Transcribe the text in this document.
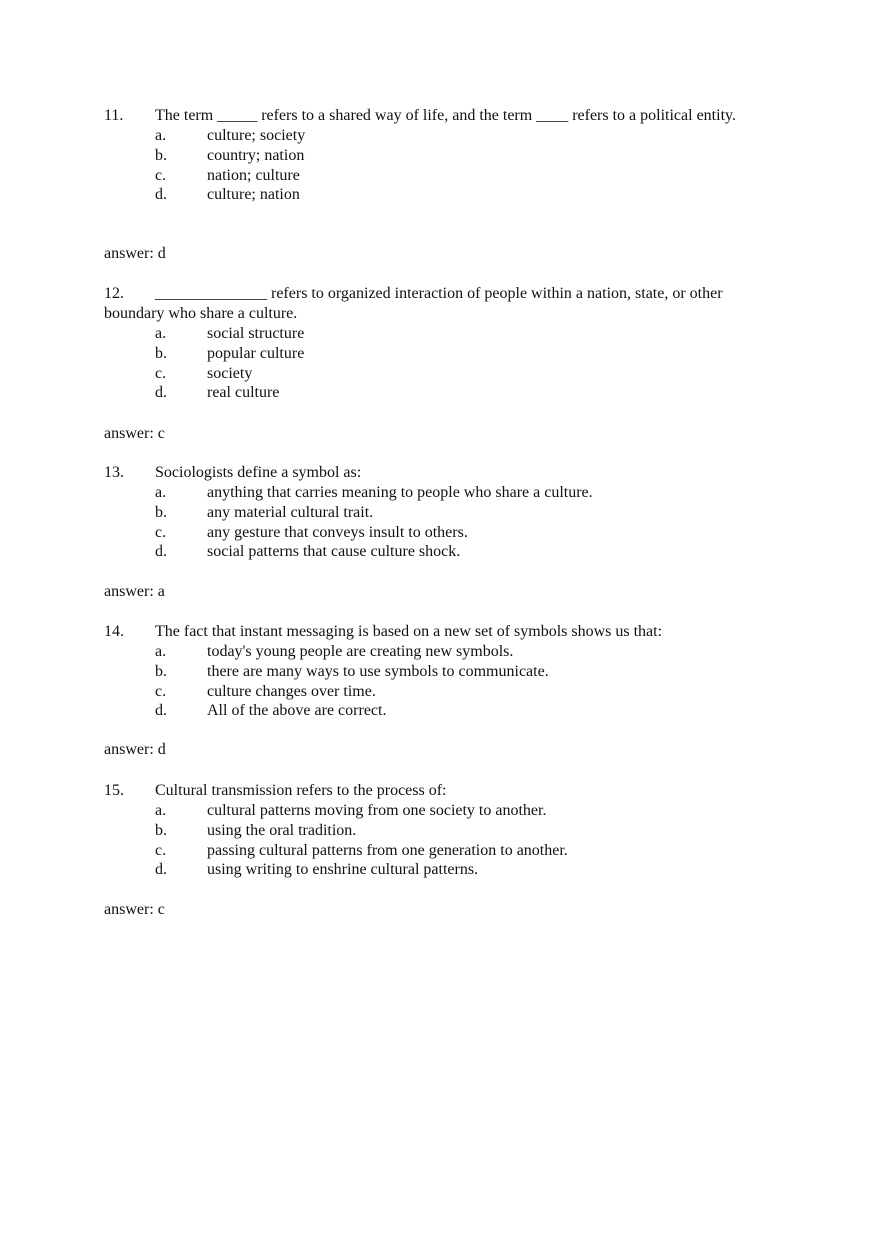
11. The term _____ refers to a shared way of life, and the term ____ refers to a political entity.
a.	culture; society
b.	country; nation
c.	nation; culture
d.	culture; nation
answer: d
12. ______________ refers to organized interaction of people within a nation, state, or other boundary who share a culture.
a.	social structure
b.	popular culture
c.	society
d.	real culture
answer: c
13. Sociologists define a symbol as:
a.	anything that carries meaning to people who share a culture.
b.	any material cultural trait.
c.	any gesture that conveys insult to others.
d.	social patterns that cause culture shock.
answer: a
14. The fact that instant messaging is based on a new set of symbols shows us that:
a.	today's young people are creating new symbols.
b.	there are many ways to use symbols to communicate.
c.	culture changes over time.
d.	All of the above are correct.
answer: d
15. Cultural transmission refers to the process of:
a.	cultural patterns moving from one society to another.
b.	using the oral tradition.
c.	passing cultural patterns from one generation to another.
d.	using writing to enshrine cultural patterns.
answer: c
